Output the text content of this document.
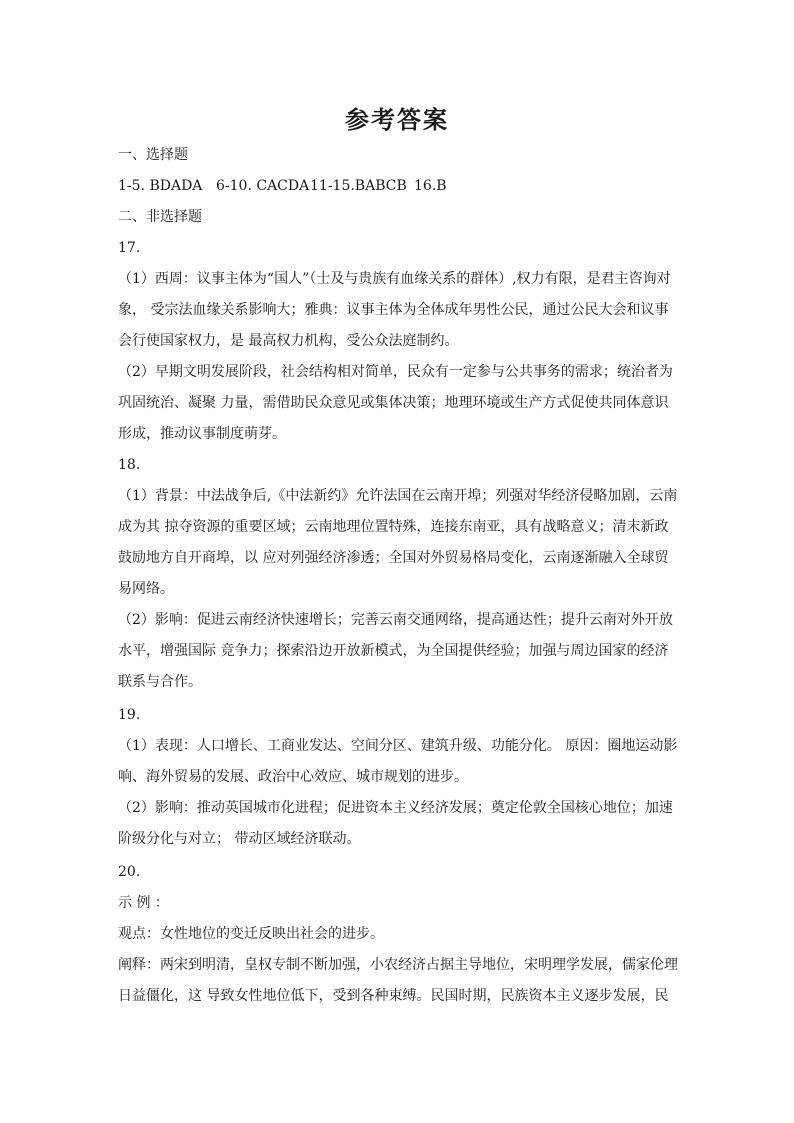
参考答案
一、选择题
1-5. BDADA 6-10. CACDA11-15.BABCB 16.B
二、非选择题
17.
（1）西周：议事主体为“国人”（士及与贵族有血缘关系的群体）,权力有限，是君主咨询对
象， 受宗法血缘关系影响大；雅典：议事主体为全体成年男性公民，通过公民大会和议事
会行使国家权力，是 最高权力机构，受公众法庭制约。
（2）早期文明发展阶段，社会结构相对简单，民众有一定参与公共事务的需求；统治者为
巩固统治、凝聚 力量，需借助民众意见或集体决策；地理环境或生产方式促使共同体意识
形成，推动议事制度萌芽。
18.
（1）背景：中法战争后,《中法新约》允许法国在云南开埠；列强对华经济侵略加剧，云南
成为其 掠夺资源的重要区域；云南地理位置特殊，连接东南亚，具有战略意义；清末新政
鼓励地方自开商埠，以 应对列强经济渗透；全国对外贸易格局变化，云南逐渐融入全球贸
易网络。
（2）影响：促进云南经济快速增长；完善云南交通网络，提高通达性；提升云南对外开放
水平，增强国际 竞争力；探索沿边开放新模式，为全国提供经验；加强与周边国家的经济
联系与合作。
19.
（1）表现：人口增长、工商业发达、空间分区、建筑升级、功能分化。 原因：圈地运动影
响、海外贸易的发展、政治中心效应、城市规划的进步。
（2）影响：推动英国城市化进程；促进资本主义经济发展；奠定伦敦全国核心地位；加速
阶级分化与对立； 带动区域经济联动。
20.
示 例 ：
观点：女性地位的变迁反映出社会的进步。
阐释：两宋到明清，皇权专制不断加强，小农经济占据主导地位，宋明理学发展，儒家伦理
日益僵化，这 导致女性地位低下，受到各种束缚。民国时期，民族资本主义逐步发展，民
